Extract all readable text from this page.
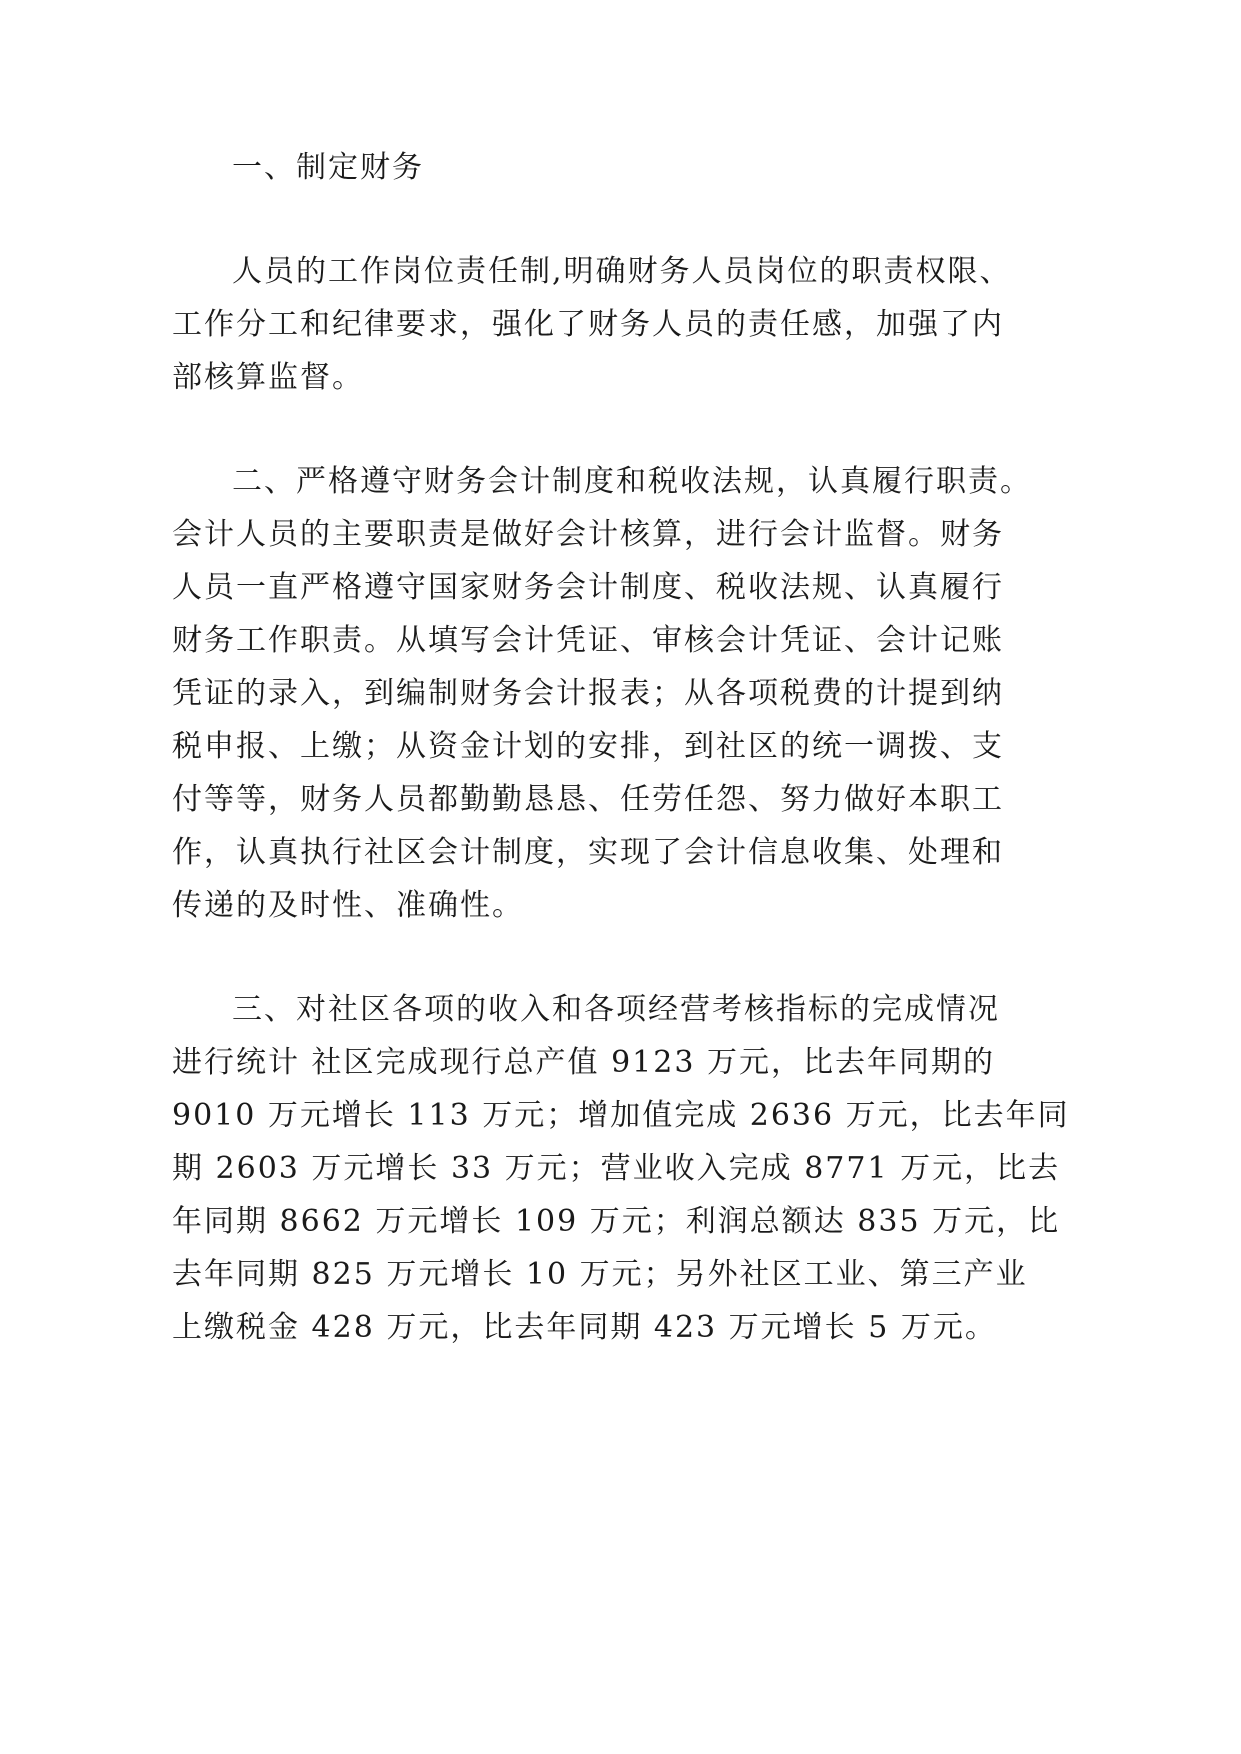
一、制定财务

人员的工作岗位责任制,明确财务人员岗位的职责权限、

工作分工和纪律要求，强化了财务人员的责任感，加强了内

部核算监督。

二、严格遵守财务会计制度和税收法规，认真履行职责。

会计人员的主要职责是做好会计核算，进行会计监督。财务

人员一直严格遵守国家财务会计制度、税收法规、认真履行

财务工作职责。从填写会计凭证、审核会计凭证、会计记账

凭证的录入，到编制财务会计报表；从各项税费的计提到纳

税申报、上缴；从资金计划的安排，到社区的统一调拨、支

付等等，财务人员都勤勤恳恳、任劳任怨、努力做好本职工

作，认真执行社区会计制度，实现了会计信息收集、处理和

传递的及时性、准确性。

三、对社区各项的收入和各项经营考核指标的完成情况

进行统计 社区完成现行总产值 9123 万元，比去年同期的

9010 万元增长 113 万元；增加值完成 2636 万元，比去年同

期 2603 万元增长 33 万元；营业收入完成 8771 万元，比去

年同期 8662 万元增长 109 万元；利润总额达 835 万元，比

去年同期 825 万元增长 10 万元；另外社区工业、第三产业

上缴税金 428 万元，比去年同期 423 万元增长 5 万元。
